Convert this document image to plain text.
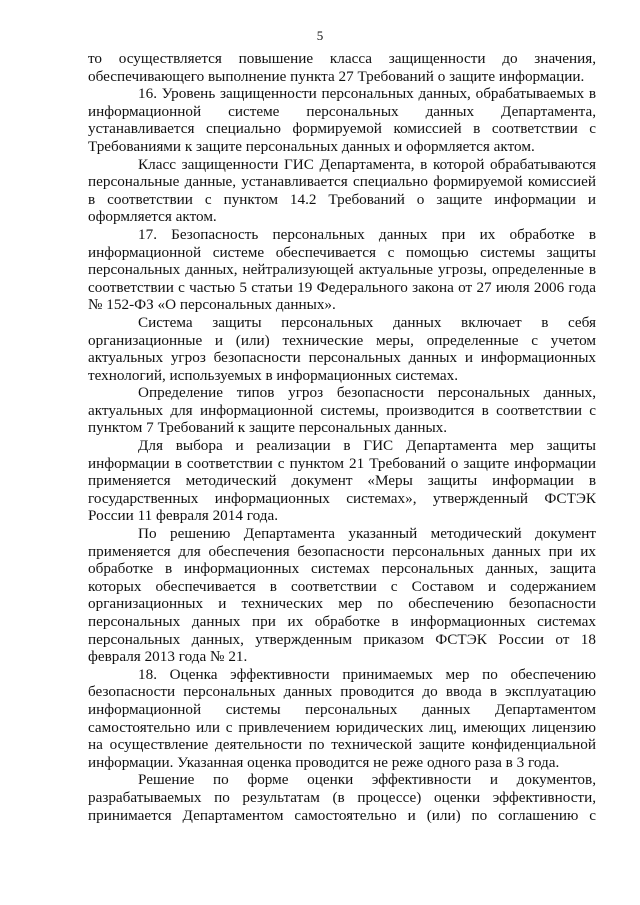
5
то осуществляется повышение класса защищенности до значения,
обеспечивающего выполнение пункта 27 Требований о защите информации.
16. Уровень защищенности персональных данных, обрабатываемых в
информационной системе персональных данных Департамента,
устанавливается специально формируемой комиссией в соответствии с
Требованиями к защите персональных данных и оформляется актом.
Класс защищенности ГИС Департамента, в которой обрабатываются
персональные данные, устанавливается специально формируемой комиссией
в соответствии с пунктом 14.2 Требований о защите информации и
оформляется актом.
17. Безопасность персональных данных при их обработке в
информационной системе обеспечивается с помощью системы защиты
персональных данных, нейтрализующей актуальные угрозы, определенные в
соответствии с частью 5 статьи 19 Федерального закона от 27 июля 2006 года
№ 152-ФЗ «О персональных данных».
Система защиты персональных данных включает в себя
организационные и (или) технические меры, определенные с учетом
актуальных угроз безопасности персональных данных и информационных
технологий, используемых в информационных системах.
Определение типов угроз безопасности персональных данных,
актуальных для информационной системы, производится в соответствии с
пунктом 7 Требований к защите персональных данных.
Для выбора и реализации в ГИС Департамента мер защиты
информации в соответствии с пунктом 21 Требований о защите информации
применяется методический документ «Меры защиты информации в
государственных информационных системах», утвержденный ФСТЭК
России 11 февраля 2014 года.
По решению Департамента указанный методический документ
применяется для обеспечения безопасности персональных данных при их
обработке в информационных системах персональных данных, защита
которых обеспечивается в соответствии с Составом и содержанием
организационных и технических мер по обеспечению безопасности
персональных данных при их обработке в информационных системах
персональных данных, утвержденным приказом ФСТЭК России от 18
февраля 2013 года № 21.
18. Оценка эффективности принимаемых мер по обеспечению
безопасности персональных данных проводится до ввода в эксплуатацию
информационной системы персональных данных Департаментом
самостоятельно или с привлечением юридических лиц, имеющих лицензию
на осуществление деятельности по технической защите конфиденциальной
информации. Указанная оценка проводится не реже одного раза в 3 года.
Решение по форме оценки эффективности и документов,
разрабатываемых по результатам (в процессе) оценки эффективности,
принимается Департаментом самостоятельно и (или) по соглашению с
